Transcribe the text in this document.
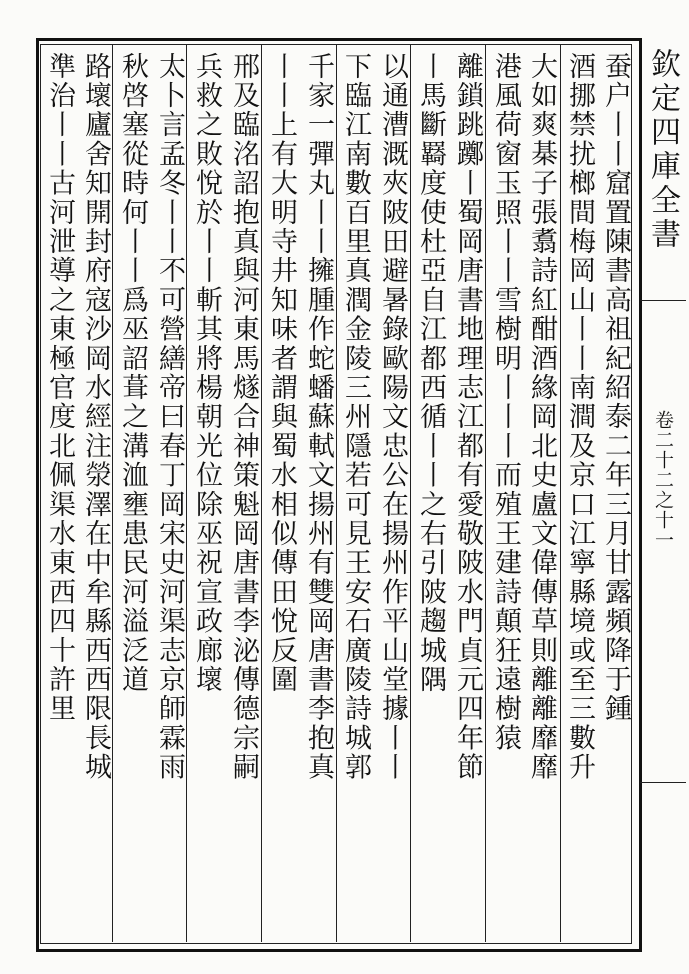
蚕户丨丨窟置陳書高祖紀紹泰二年三月甘露頻降于鍾
酒挪禁扰榔間梅岡山丨丨南澗及京口江寧縣境或至三數升
大如爽棊子張翥詩紅酣酒緣岡北史盧文偉傳草則離離靡靡
港風荷窗玉照丨丨雪樹明丨丨丨而殖王建詩顛狂遠樹猿
離鎖跳躑丨蜀岡唐書地理志江都有愛敬陂水門貞元四年節
丨馬斷羇度使杜亞自江都西循丨丨之右引陂趨城隅
以通漕溉夾陂田避暑錄歐陽文忠公在揚州作平山堂據丨丨
下臨江南數百里真潤金陵三州隱若可見王安石廣陵詩城郭
千家一彈丸丨丨擁腫作蛇蟠蘇軾文揚州有雙岡唐書李抱真
丨丨上有大明寺井知味者謂與蜀水相似傳田悅反圍
邢及臨洺詔抱真與河東馬燧合神策魁岡唐書李泌傳德宗嗣
兵救之敗悅於丨丨斬其將楊朝光位除巫祝宣政廊壞
太卜言孟冬丨丨不可營繕帝曰春丁岡宋史河渠志京師霖雨
秋啓塞從時何丨丨爲巫詔葺之溝洫壅患民河溢泛道
路壞廬舍知開封府寇沙岡水經注滎澤在中牟縣西西限長城
準治丨丨古河泄導之東極官度北佩渠水東西四十許里	欽定四庫全書
卷二十二之十一
